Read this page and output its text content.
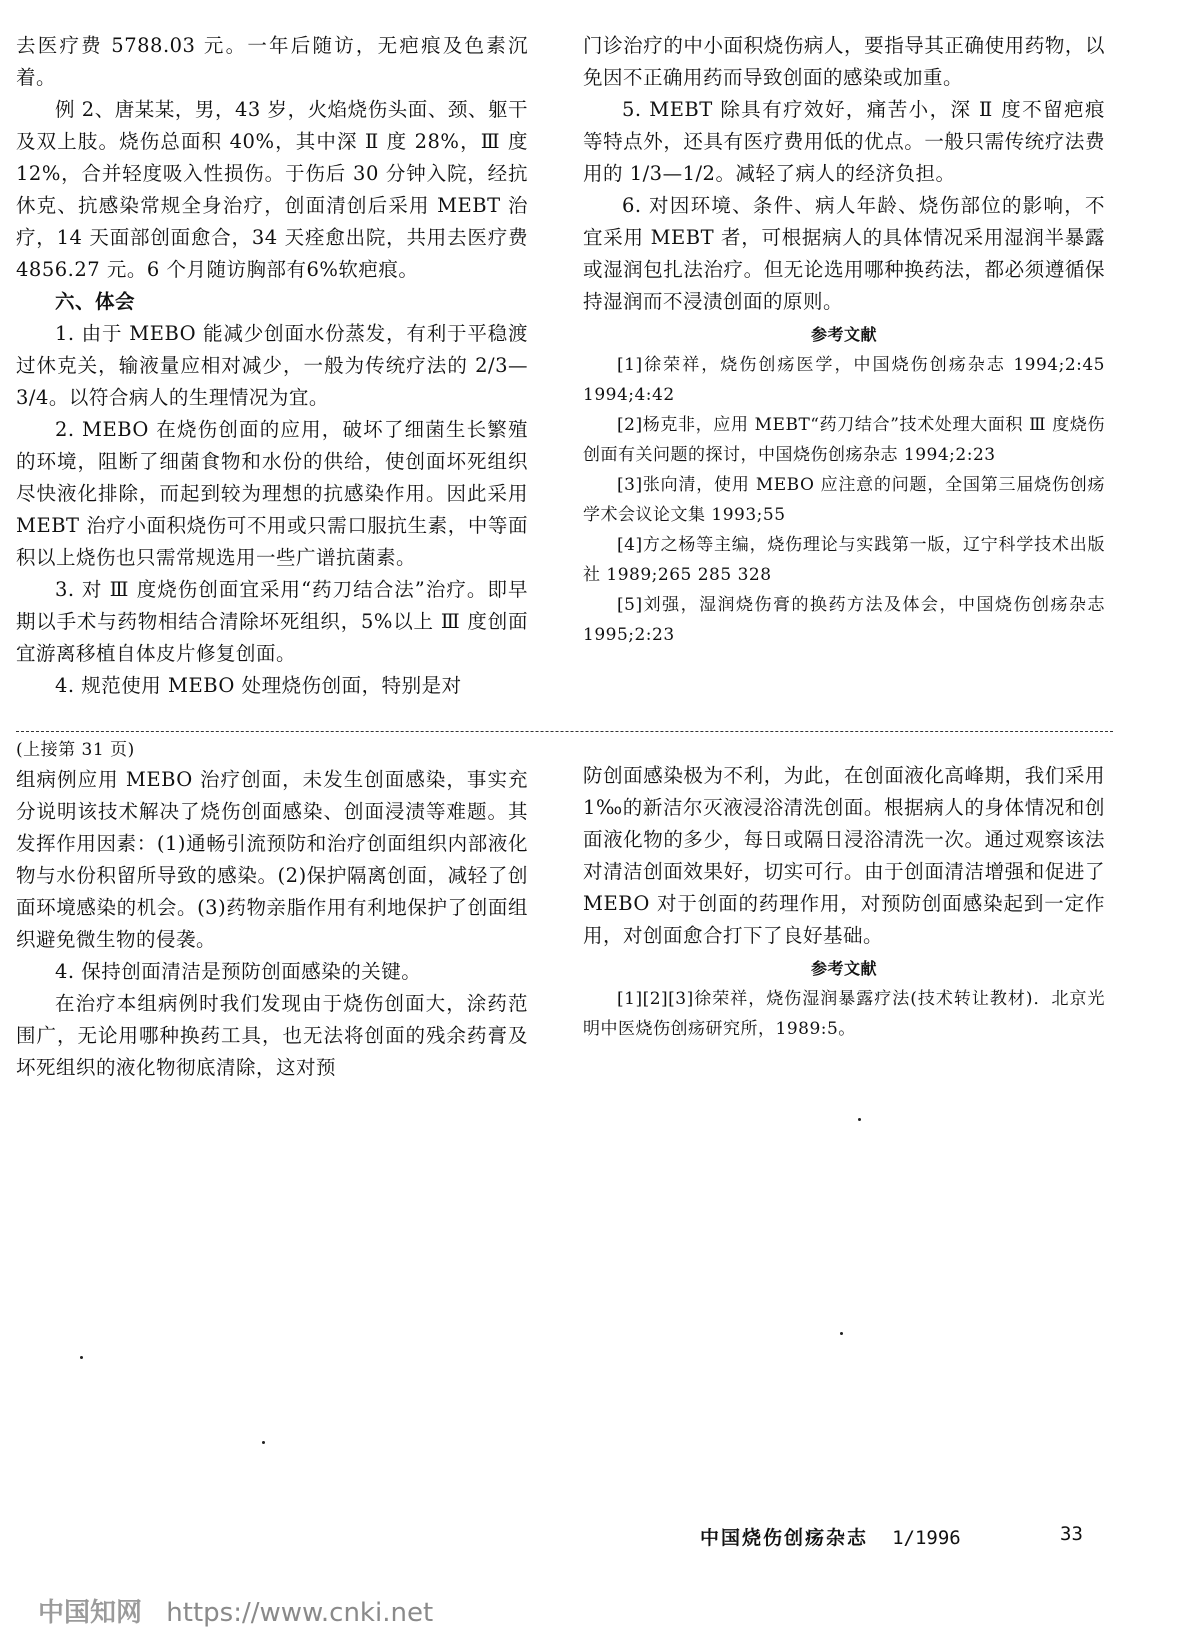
去医疗费 5788.03 元。一年后随访，无疤痕及色素沉着。

例 2、唐某某，男，43 岁，火焰烧伤头面、颈、躯干及双上肢。烧伤总面积 40%，其中深 Ⅱ 度 28%，Ⅲ 度 12%，合并轻度吸入性损伤。于伤后 30 分钟入院，经抗休克、抗感染常规全身治疗，创面清创后采用 MEBT 治疗，14 天面部创面愈合，34 天痊愈出院，共用去医疗费 4856.27 元。6 个月随访胸部有6%软疤痕。

六、体会

1. 由于 MEBO 能减少创面水份蒸发，有利于平稳渡过休克关，输液量应相对减少，一般为传统疗法的 2/3—3/4。以符合病人的生理情况为宜。

2. MEBO 在烧伤创面的应用，破坏了细菌生长繁殖的环境，阻断了细菌食物和水份的供给，使创面坏死组织尽快液化排除，而起到较为理想的抗感染作用。因此采用 MEBT 治疗小面积烧伤可不用或只需口服抗生素，中等面积以上烧伤也只需常规选用一些广谱抗菌素。

3. 对 Ⅲ 度烧伤创面宜采用“药刀结合法”治疗。即早期以手术与药物相结合清除坏死组织，5%以上 Ⅲ 度创面宜游离移植自体皮片修复创面。

4. 规范使用 MEBO 处理烧伤创面，特别是对

门诊治疗的中小面积烧伤病人，要指导其正确使用药物，以免因不正确用药而导致创面的感染或加重。

5. MEBT 除具有疗效好，痛苦小，深 Ⅱ 度不留疤痕等特点外，还具有医疗费用低的优点。一般只需传统疗法费用的 1/3—1/2。减轻了病人的经济负担。

6. 对因环境、条件、病人年龄、烧伤部位的影响，不宜采用 MEBT 者，可根据病人的具体情况采用湿润半暴露或湿润包扎法治疗。但无论选用哪种换药法，都必须遵循保持湿润而不浸渍创面的原则。

参考文献

[1]徐荣祥，烧伤创疡医学，中国烧伤创疡杂志 1994;2:45 1994;4:42

[2]杨克非，应用 MEBT“药刀结合”技术处理大面积 Ⅲ 度烧伤创面有关问题的探讨，中国烧伤创疡杂志 1994;2:23

[3]张向清，使用 MEBO 应注意的问题，全国第三届烧伤创疡学术会议论文集 1993;55

[4]方之杨等主编，烧伤理论与实践第一版，辽宁科学技术出版社 1989;265 285 328

[5]刘强，湿润烧伤膏的换药方法及体会，中国烧伤创疡杂志 1995;2:23

(上接第 31 页)

组病例应用 MEBO 治疗创面，未发生创面感染，事实充分说明该技术解决了烧伤创面感染、创面浸渍等难题。其发挥作用因素：(1)通畅引流预防和治疗创面组织内部液化物与水份积留所导致的感染。(2)保护隔离创面，减轻了创面环境感染的机会。(3)药物亲脂作用有利地保护了创面组织避免微生物的侵袭。

4. 保持创面清洁是预防创面感染的关键。

在治疗本组病例时我们发现由于烧伤创面大，涂药范围广，无论用哪种换药工具，也无法将创面的残余药膏及坏死组织的液化物彻底清除，这对预

防创面感染极为不利，为此，在创面液化高峰期，我们采用 1‰的新洁尔灭液浸浴清洗创面。根据病人的身体情况和创面液化物的多少，每日或隔日浸浴清洗一次。通过观察该法对清洁创面效果好，切实可行。由于创面清洁增强和促进了 MEBO 对于创面的药理作用，对预防创面感染起到一定作用，对创面愈合打下了良好基础。

参考文献

[1][2][3]徐荣祥，烧伤湿润暴露疗法(技术转让教材)．北京光明中医烧伤创疡研究所，1989:5。

中国烧伤创疡杂志 1/1996	33
中国知网 https://www.cnki.net
